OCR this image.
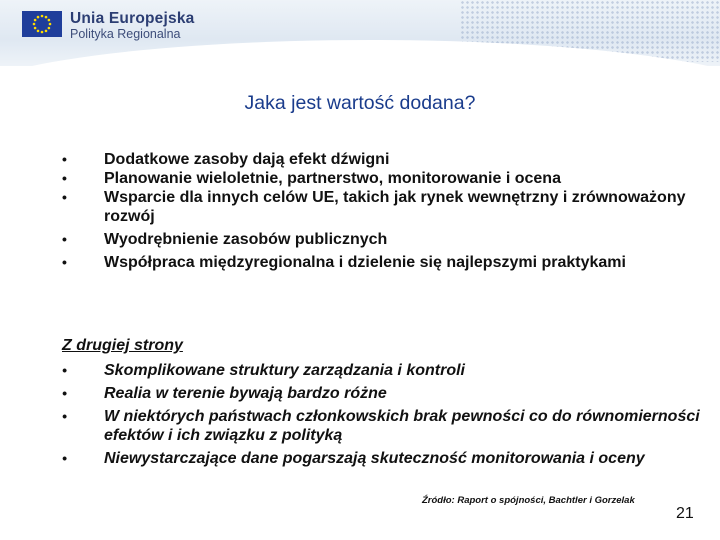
Unia Europejska
Polityka Regionalna
Jaka jest wartość dodana?
•	Dodatkowe zasoby dają efekt dźwigni
•	Planowanie wieloletnie, partnerstwo, monitorowanie i ocena
•	Wsparcie dla innych celów UE, takich jak rynek wewnętrzny i zrównoważony rozwój
•	Wyodrębnienie zasobów publicznych
•	Współpraca międzyregionalna i dzielenie się najlepszymi praktykami
Z drugiej strony
•	Skomplikowane struktury zarządzania i kontroli
•	Realia w terenie bywają bardzo różne
•	W niektórych państwach członkowskich brak pewności co do równomierności efektów i ich związku z polityką
•	Niewystarczające dane pogarszają skuteczność monitorowania i oceny
Źródło: Raport o spójności, Bachtler i Gorzelak
21
